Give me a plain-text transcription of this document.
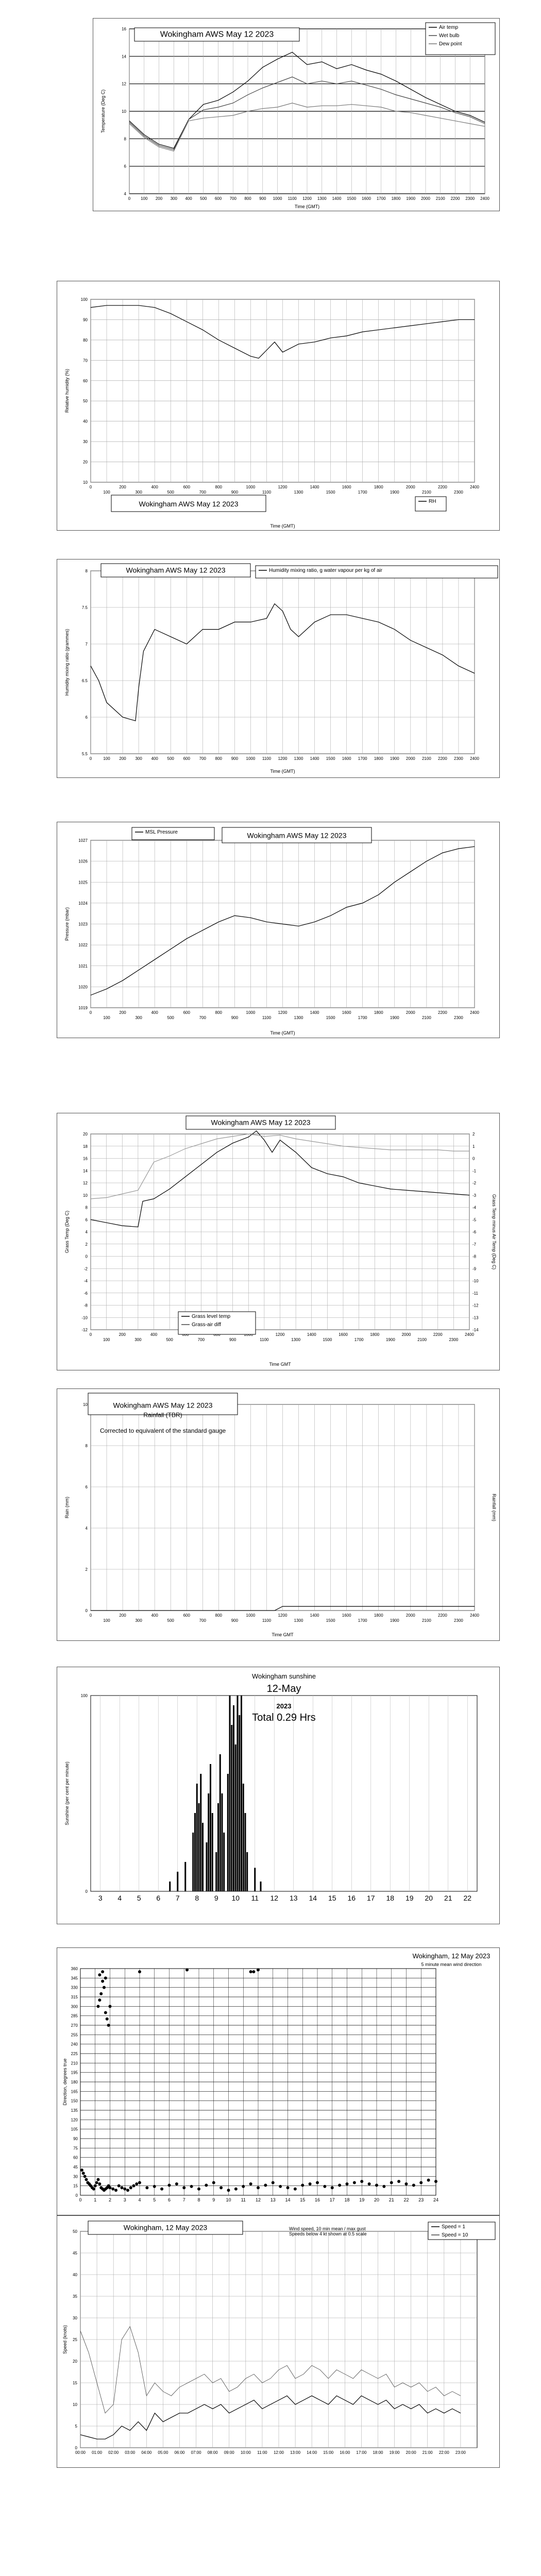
4
6
8
10
12
14
16
0 100 200 300 400 500 600 700 800 900 1000 1100 1200 1300 1400 1500 1600 1700 1800 1900 2000 2100 2200 2300 2400
Time (GMT)
Temperature (Deg C)
Wokingham AWS May 12 2023
Air temp
Wet bulb
Dew point
10
20
30
40
50
60
70
80
90
100
0	200	400	600	800	1000	1200	1400	1600	1800	2000	2200	2400
100	300	500	700	900	1100	1300	1500	1700	1900	2100	2300
Time (GMT)
Relative humidity (%)
Wokingham AWS May 12 2023	RH
5.5
6
6.5
7
7.5
8
0	100 200 300 400 500 600 700 800 900 1000 1100 1200 1300 1400 1500 1600 1700 1800 1900 2000 2100 2200 2300 2400
Time (GMT)
Humidity mixing ratio (grammes)
Wokingham AWS May 12 2023	Humidity mixing ratio, g water vapour per kg of air
1019
1020
1021
1022
1023
1024
1025
1026
1027
0	200	400	600	800	1000	1200	1400	1600	1800	2000	2200	2400
100	300	500	700	900	1100	1300	1500	1700	1900	2100	2300
Time (GMT)
Pressure (mbar)
Wokingham AWS May 12 2023
MSL Pressure
-12
-10
-8
-6
-4
-2
0
2
4
6
8
10
12
14
16
18
20
0	200	400	1200	1400	1600	1800	2000	2200	2400
100	300	500	700	900	1100	1300	1500	1700	1900	2100	2300
-14
-13
-12
-11
-10
-9
-8
-7
-6
-5
-4
-3
-2
-1
0
1
2
Time GMT
Grass Temp (Deg C)	Grass Temp minus Air Temp (Deg C)
Wokingham AWS May 12 2023
Grass level temp
Grass-air diff
0
2
4
6
8
10
0	200	400	600	800	1000	1200	1400	1600	1800	2000	2200	2400
100	300	500	700	900	1100	1300	1500	1700	1900	2100	2300
Time GMT
Rain (mm)	Rainfall (mm)
Wokingham AWS May 12 2023
Rainfall (TBR)
Corrected to equivalent of the standard gauge
3 4 5 6 7 8 9 10 11 12 13 14 15 16 17 18 19 20 21 22
0
100
Wokingham sunshine
12-May
2023
Total 0.29 Hrs
Sunshine (per cent per minute)
0
15
30
45
60
75
90
105
120
135
150
165
180
195
210
225
240
255
270
285
300
315
330
345
360
0	1	2	3	4	5	6	7	8	9 10 11 12 13 14 15 16 17 18 19 20 21 22 23 24
Wokingham, 12 May 2023
5 minute mean wind direction
Direction, degrees true
0
5
10
15
20
25
30
35
40
45
50
00:00 01:00 02:00 03:00 04:00 05:00 06:00 07:00 08:00 09:00 10:00 11:00 12:00 13:00 14:00 15:00 16:00 17:00 18:00 19:00 20:00 21:00 22:00 23:00
Speed (knots)
Wokingham, 12 May 2023	Speed = 1
Speed = 10
Speeds below 4 kt shown at 0.5 scale
Wind speed, 10 min mean / max gust
